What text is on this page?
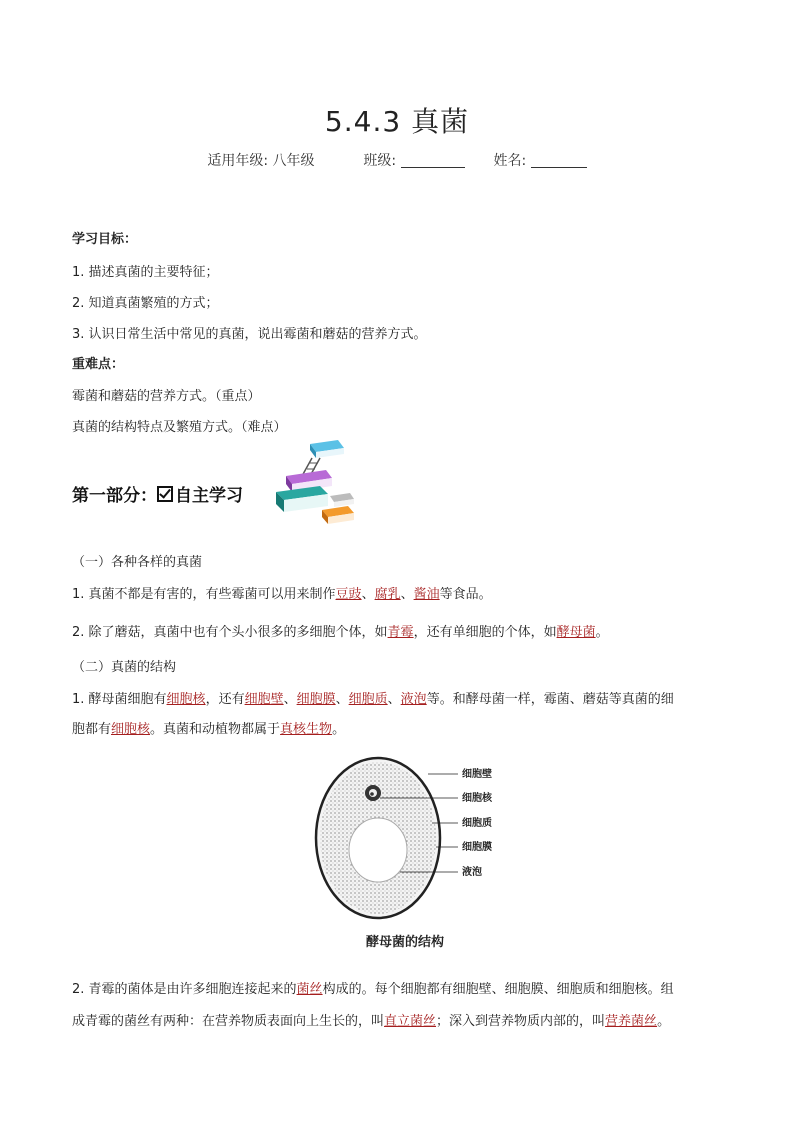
5.4.3 真菌
适用年级: 八年级	班级:	姓名:
学习目标：
1. 描述真菌的主要特征；
2. 知道真菌繁殖的方式；
3. 认识日常生活中常见的真菌，说出霉菌和蘑菇的营养方式。
重难点：
霉菌和蘑菇的营养方式。（重点）
真菌的结构特点及繁殖方式。（难点）
第一部分： 自主学习
（一）各种各样的真菌
1. 真菌不都是有害的，有些霉菌可以用来制作豆豉、腐乳、酱油等食品。
2. 除了蘑菇，真菌中也有个头小很多的多细胞个体，如青霉，还有单细胞的个体，如酵母菌。
（二）真菌的结构
1. 酵母菌细胞有细胞核，还有细胞壁、细胞膜、细胞质、液泡等。和酵母菌一样，霉菌、蘑菇等真菌的细
胞都有细胞核。真菌和动植物都属于真核生物。
细胞壁
细胞核
细胞质
细胞膜
液泡
酵母菌的结构
2. 青霉的菌体是由许多细胞连接起来的菌丝构成的。每个细胞都有细胞壁、细胞膜、细胞质和细胞核。组
成青霉的菌丝有两种：在营养物质表面向上生长的，叫直立菌丝；深入到营养物质内部的，叫营养菌丝。
